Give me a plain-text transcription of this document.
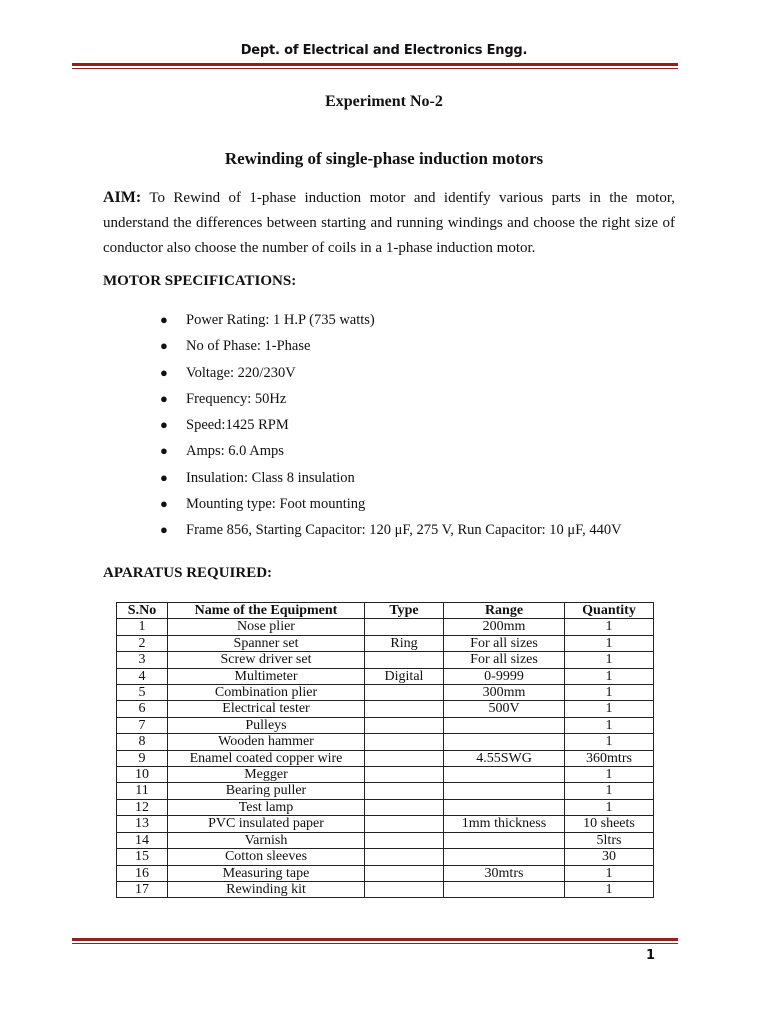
Dept. of Electrical and Electronics Engg.
Experiment No-2
Rewinding of single-phase induction motors
AIM: To Rewind of 1-phase induction motor and identify various parts in the motor, understand the differences between starting and running windings and choose the right size of conductor also choose the number of coils in a 1-phase induction motor.
MOTOR SPECIFICATIONS:
● Power Rating: 1 H.P (735 watts)
● No of Phase: 1-Phase
● Voltage: 220/230V
● Frequency: 50Hz
● Speed:1425 RPM
● Amps: 6.0 Amps
● Insulation: Class 8 insulation
● Mounting type: Foot mounting
● Frame 856, Starting Capacitor: 120 μF, 275 V, Run Capacitor: 10 μF, 440V
APARATUS REQUIRED:
S.No	Name of the Equipment	Type	Range	Quantity
1	Nose plier		200mm	1
2	Spanner set	Ring	For all sizes	1
3	Screw driver set		For all sizes	1
4	Multimeter	Digital	0-9999	1
5	Combination plier		300mm	1
6	Electrical tester		500V	1
7	Pulleys			1
8	Wooden hammer			1
9	Enamel coated copper wire		4.55SWG	360mtrs
10	Megger			1
11	Bearing puller			1
12	Test lamp			1
13	PVC insulated paper		1mm thickness	10 sheets
14	Varnish			5ltrs
15	Cotton sleeves			30
16	Measuring tape		30mtrs	1
17	Rewinding kit			1
1
